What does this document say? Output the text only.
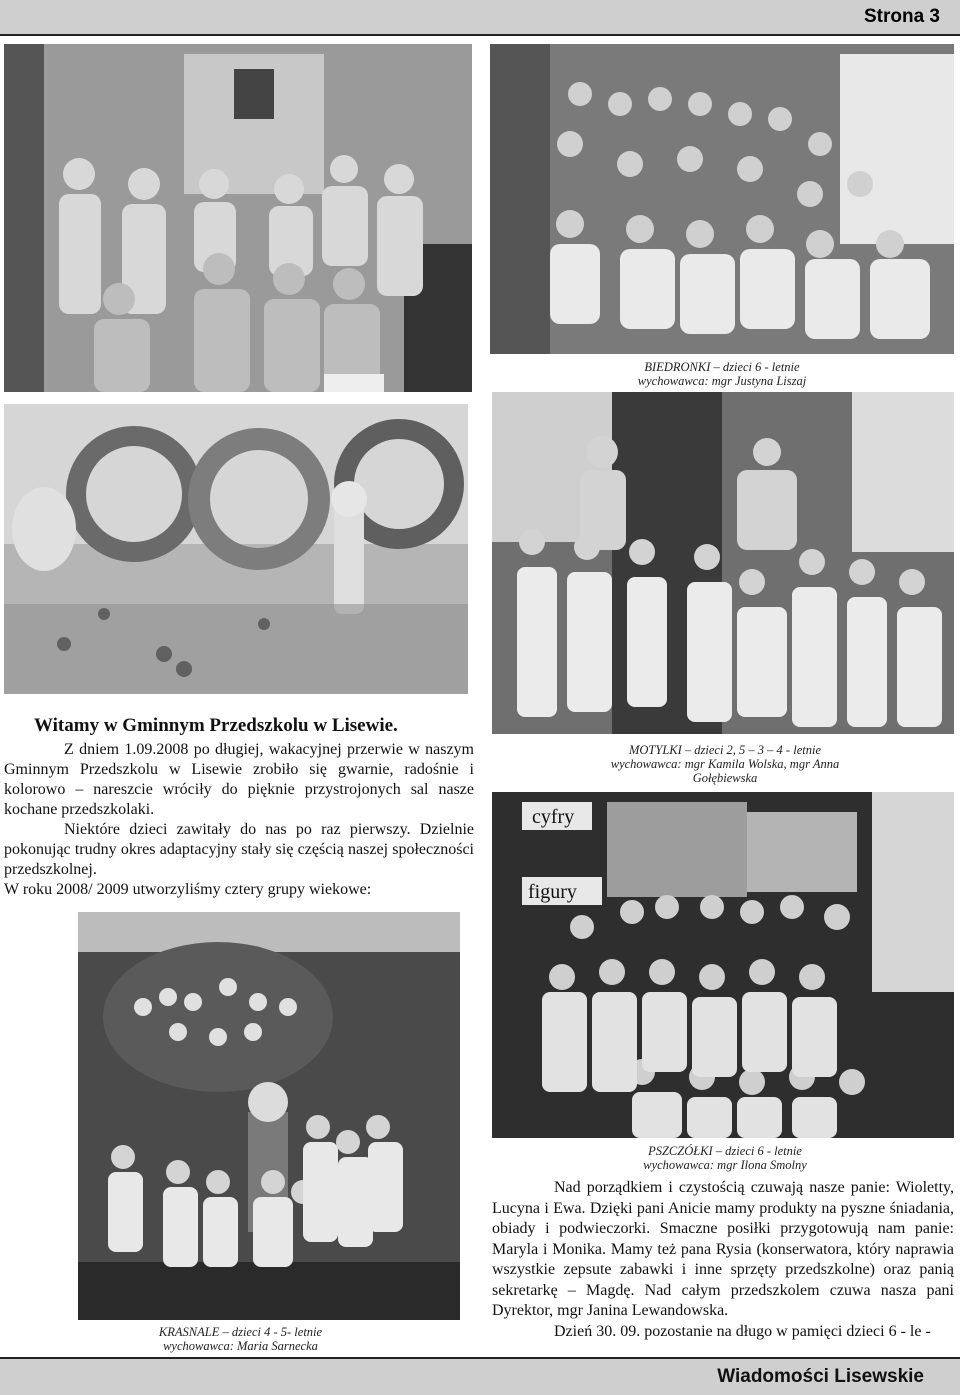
Strona 3
BIEDRONKI – dzieci 6 - letnie
wychowawca: mgr Justyna Liszaj
MOTYLKI – dzieci 2, 5 – 3 – 4 - letnie
wychowawca: mgr Kamila Wolska, mgr Anna
Gołębiewska
Witamy w Gminnym Przedszkolu w Lisewie.
Z dniem 1.09.2008 po długiej, wakacyjnej przerwie w naszym Gminnym Przedszkolu w Lisewie zrobiło się gwarnie, radośnie i kolorowo – nareszcie wróciły do pięknie przystrojonych sal nasze kochane przedszkolaki.
Niektóre dzieci zawitały do nas po raz pierwszy. Dzielnie pokonując trudny okres adaptacyjny stały się częścią naszej społeczności przedszkolnej.
W roku 2008/ 2009 utworzyliśmy cztery grupy wiekowe:
cyfry
figury
PSZCZÓŁKI – dzieci 6 - letnie
wychowawca: mgr Ilona Smolny
KRASNALE – dzieci 4 - 5- letnie
wychowawca: Maria Sarnecka
Nad porządkiem i czystością czuwają nasze panie: Wioletty, Lucyna i Ewa. Dzięki pani Anicie mamy produkty na pyszne śniadania, obiady i podwieczorki. Smaczne posiłki przygotowują nam panie: Maryla i Monika. Mamy też pana Rysia (konserwatora, który naprawia wszystkie zepsute zabawki i inne sprzęty przedszkolne) oraz panią sekretarkę – Magdę. Nad całym przedszkolem czuwa nasza pani Dyrektor, mgr Janina Lewandowska.
Dzień 30. 09. pozostanie na długo w pamięci dzieci 6 - le -
Wiadomości Lisewskie
